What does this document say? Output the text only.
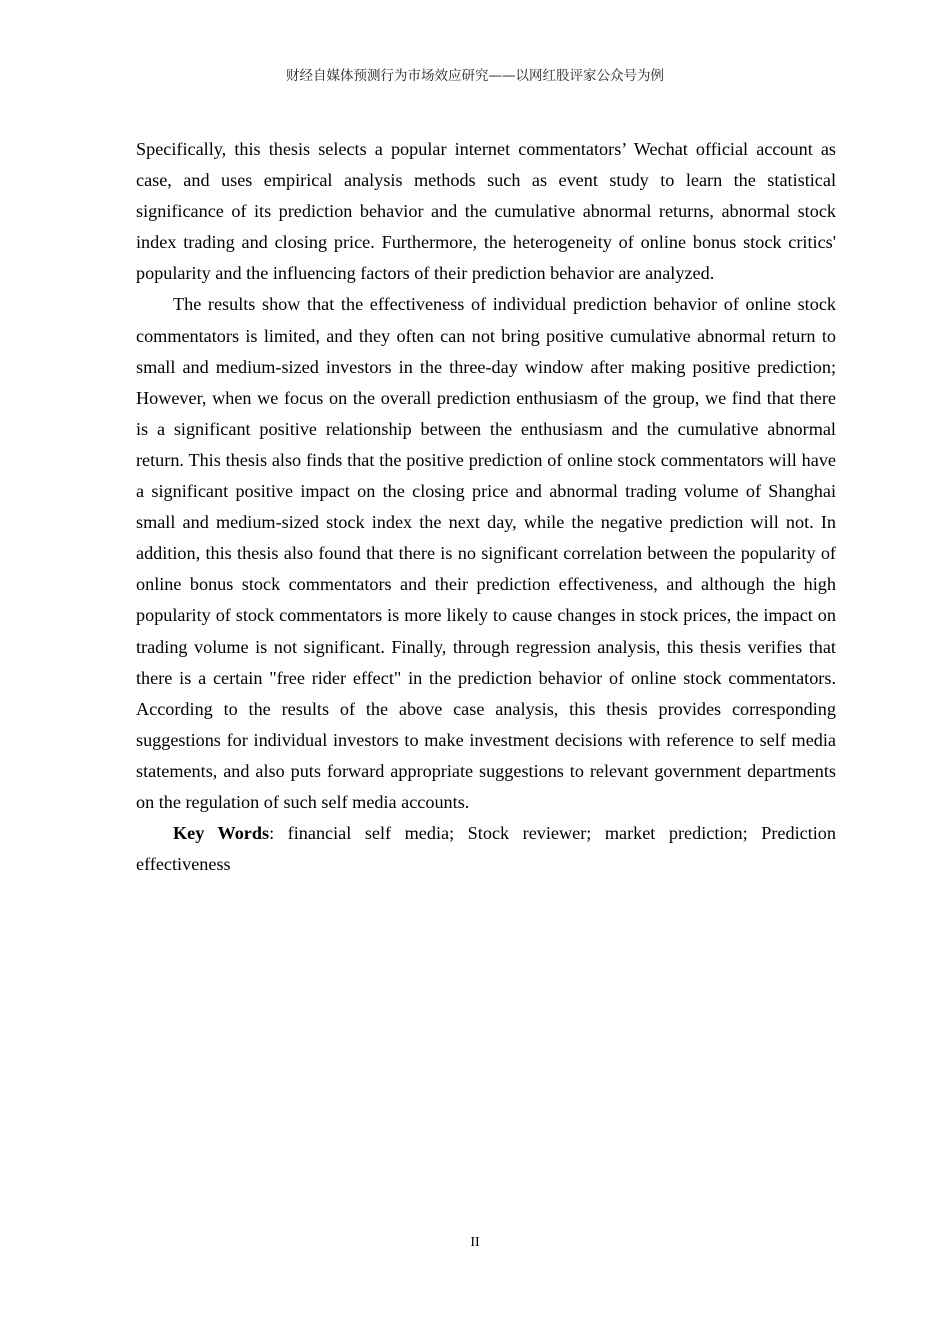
财经自媒体预测行为市场效应研究——以网红股评家公众号为例

Specifically, this thesis selects a popular internet commentators’ Wechat official account as case, and uses empirical analysis methods such as event study to learn the statistical significance of its prediction behavior and the cumulative abnormal returns, abnormal stock index trading and closing price. Furthermore, the heterogeneity of online bonus stock critics' popularity and the influencing factors of their prediction behavior are analyzed.

The results show that the effectiveness of individual prediction behavior of online stock commentators is limited, and they often can not bring positive cumulative abnormal return to small and medium-sized investors in the three-day window after making positive prediction; However, when we focus on the overall prediction enthusiasm of the group, we find that there is a significant positive relationship between the enthusiasm and the cumulative abnormal return. This thesis also finds that the positive prediction of online stock commentators will have a significant positive impact on the closing price and abnormal trading volume of Shanghai small and medium-sized stock index the next day, while the negative prediction will not. In addition, this thesis also found that there is no significant correlation between the popularity of online bonus stock commentators and their prediction effectiveness, and although the high popularity of stock commentators is more likely to cause changes in stock prices, the impact on trading volume is not significant. Finally, through regression analysis, this thesis verifies that there is a certain "free rider effect" in the prediction behavior of online stock commentators. According to the results of the above case analysis, this thesis provides corresponding suggestions for individual investors to make investment decisions with reference to self media statements, and also puts forward appropriate suggestions to relevant government departments on the regulation of such self media accounts.

Key Words: financial self media; Stock reviewer; market prediction; Prediction effectiveness

II
